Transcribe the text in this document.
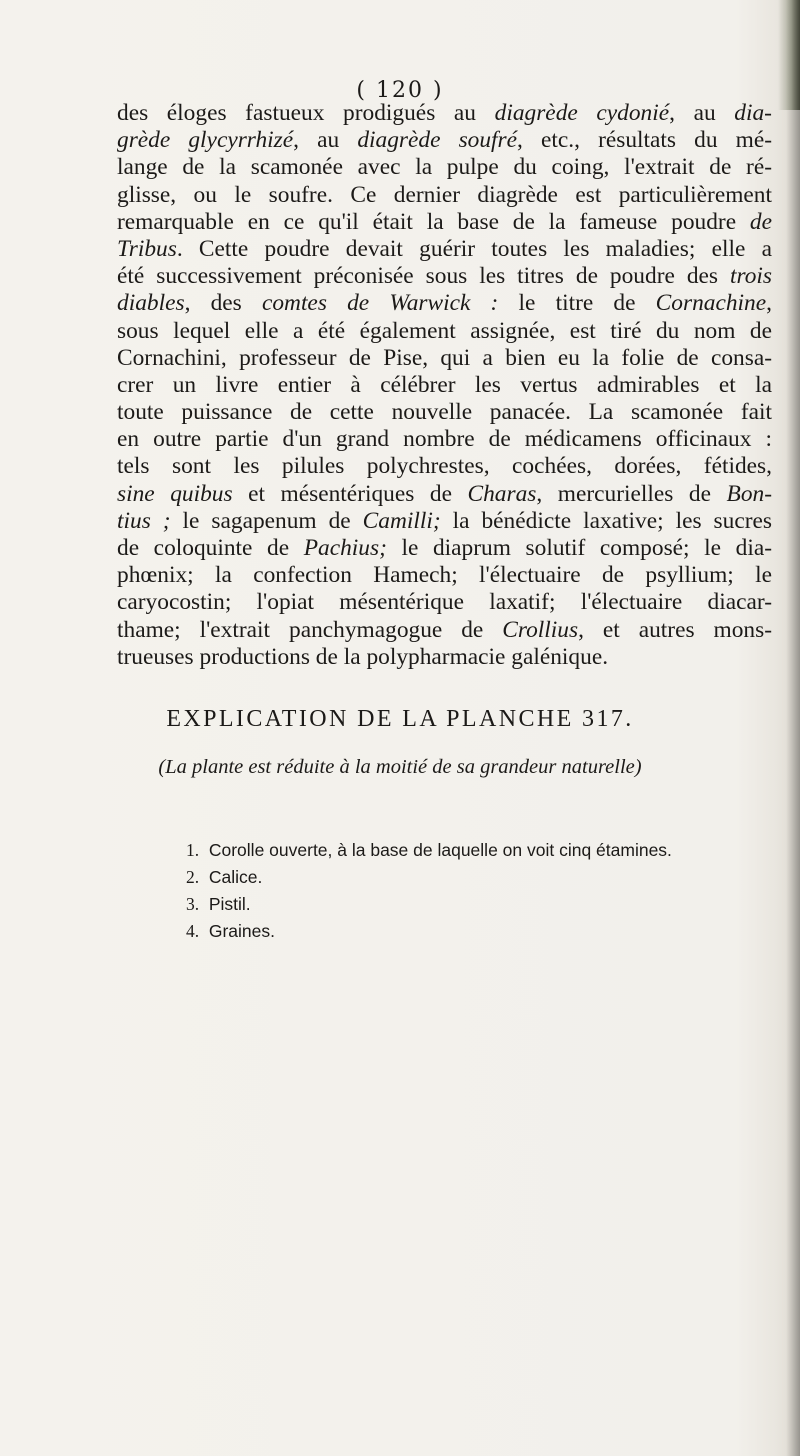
( 120 )
des éloges fastueux prodigués au diagrède cydonié, au dia-
grède glycyrrhizé, au diagrède soufré, etc., résultats du mé-
lange de la scamonée avec la pulpe du coing, l'extrait de ré-
glisse, ou le soufre. Ce dernier diagrède est particulièrement
remarquable en ce qu'il était la base de la fameuse poudre de
Tribus. Cette poudre devait guérir toutes les maladies; elle a
été successivement préconisée sous les titres de poudre des trois
diables, des comtes de Warwick : le titre de Cornachine,
sous lequel elle a été également assignée, est tiré du nom de
Cornachini, professeur de Pise, qui a bien eu la folie de consa-
crer un livre entier à célébrer les vertus admirables et la
toute puissance de cette nouvelle panacée. La scamonée fait
en outre partie d'un grand nombre de médicamens officinaux :
tels sont les pilules polychrestes, cochées, dorées, fétides,
sine quibus et mésentériques de Charas, mercurielles de Bon-
tius ; le sagapenum de Camilli; la bénédicte laxative; les sucres
de coloquinte de Pachius; le diaprum solutif composé; le dia-
phœnix; la confection Hamech; l'électuaire de psyllium; le
caryocostin; l'opiat mésentérique laxatif; l'électuaire diacar-
thame; l'extrait panchymagogue de Crollius, et autres mons-
trueuses productions de la polypharmacie galénique.
EXPLICATION DE LA PLANCHE 317.
(La plante est réduite à la moitié de sa grandeur naturelle)
1. Corolle ouverte, à la base de laquelle on voit cinq étamines.
2. Calice.
3. Pistil.
4. Graines.
